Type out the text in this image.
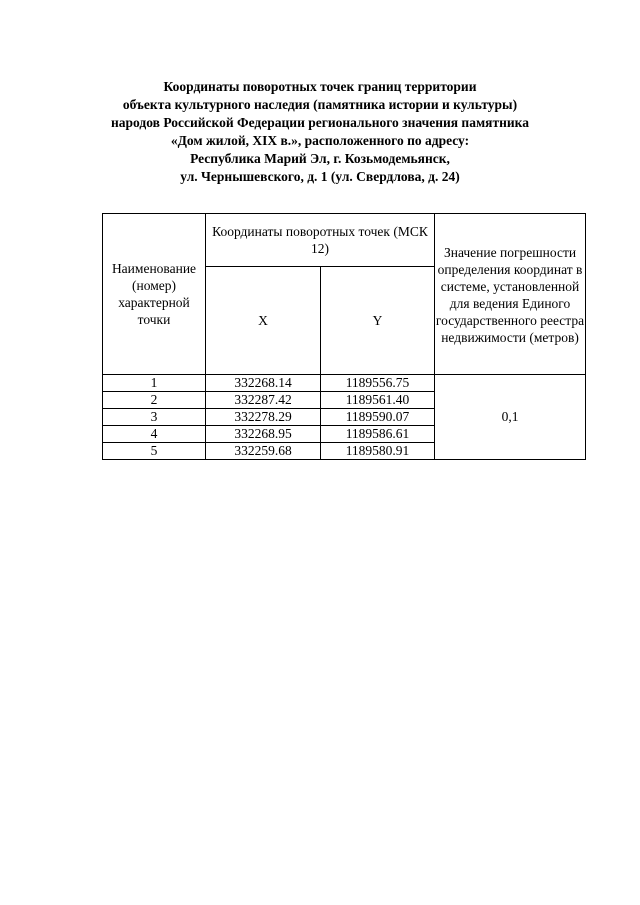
Координаты поворотных точек границ территории
объекта культурного наследия (памятника истории и культуры)
народов Российской Федерации регионального значения памятника
«Дом жилой, XIX в.», расположенного по адресу:
Республика Марий Эл, г. Козьмодемьянск,
ул. Чернышевского, д. 1 (ул. Свердлова, д. 24)
Наименование (номер) характерной точки	Координаты поворотных точек (МСК 12)		Значение погрешности определения координат в системе, установленной для ведения Единого государственного реестра недвижимости (метров)
	X	Y	
1	332268.14	1189556.75	0,1
2	332287.42	1189561.40	
3	332278.29	1189590.07	
4	332268.95	1189586.61	
5	332259.68	1189580.91	
